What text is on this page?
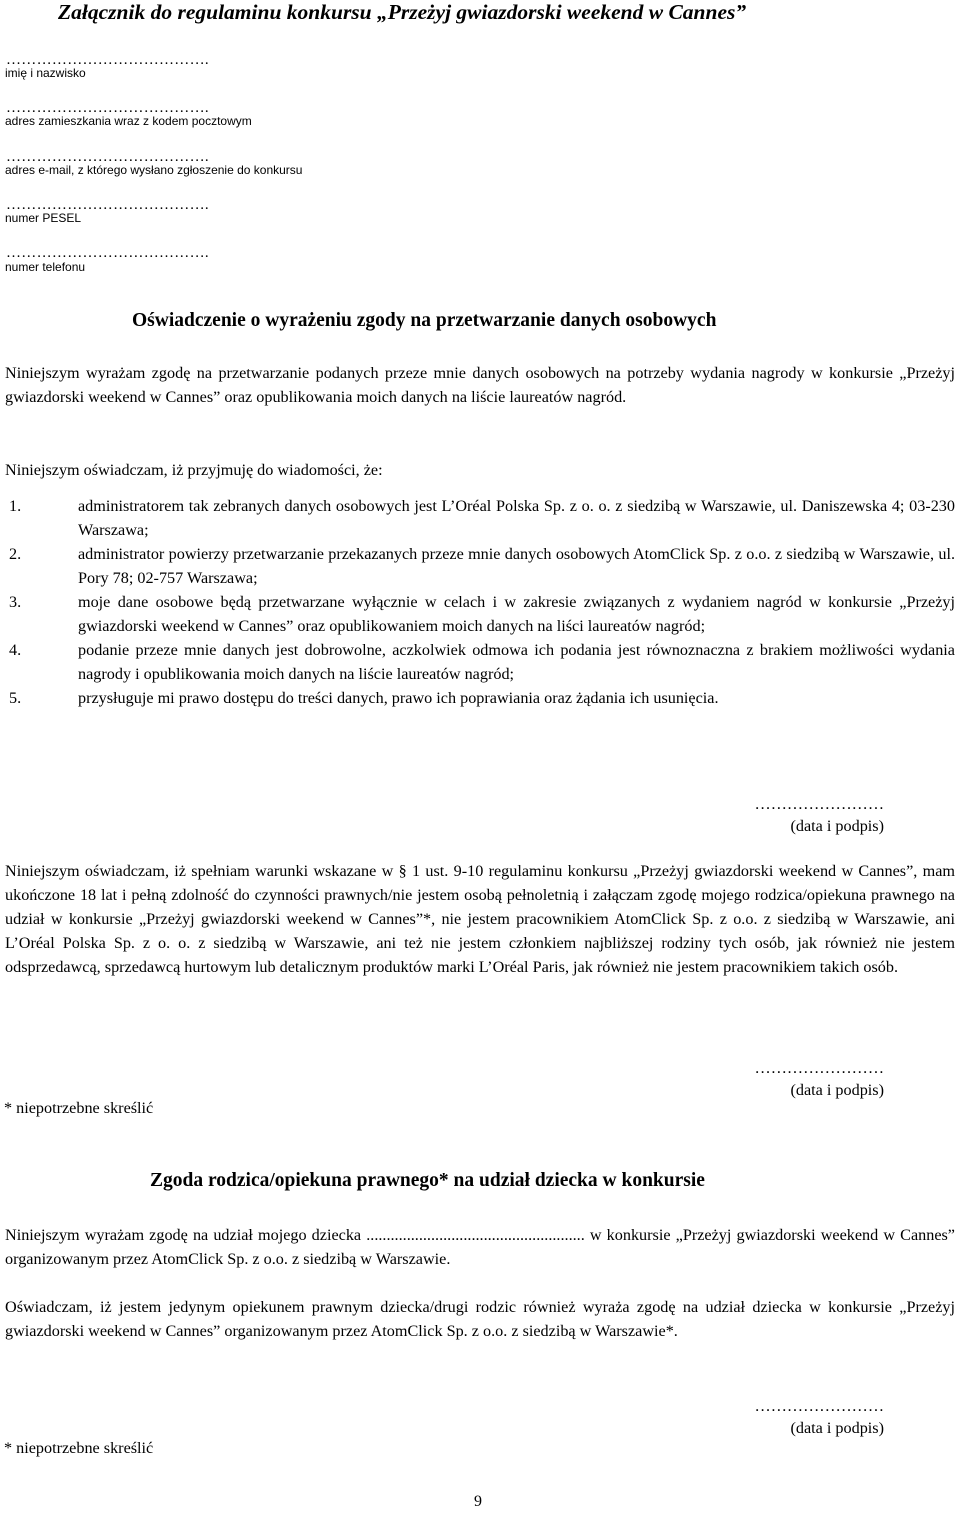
Załącznik do regulaminu konkursu „Przeżyj gwiazdorski weekend w Cannes”
………………………………….
imię i nazwisko
………………………………….
adres zamieszkania wraz z kodem pocztowym
………………………………….
adres e-mail, z którego wysłano zgłoszenie do konkursu
………………………………….
numer PESEL
………………………………….
numer telefonu
Oświadczenie o wyrażeniu zgody na przetwarzanie danych osobowych

Niniejszym wyrażam zgodę na przetwarzanie podanych przeze mnie danych osobowych na potrzeby wydania nagrody w konkursie „Przeżyj gwiazdorski weekend w Cannes” oraz opublikowania moich danych na liście laureatów nagród.

Niniejszym oświadczam, iż przyjmuję do wiadomości, że:
1.	administratorem tak zebranych danych osobowych jest L’Oréal Polska Sp. z o. o. z siedzibą w Warszawie, ul. Daniszewska 4; 03-230 Warszawa;
2.	administrator powierzy przetwarzanie przekazanych przeze mnie danych osobowych AtomClick Sp. z o.o. z siedzibą w Warszawie, ul. Pory 78; 02-757 Warszawa;
3.	moje dane osobowe będą przetwarzane wyłącznie w celach i w zakresie związanych z wydaniem nagród w konkursie „Przeżyj gwiazdorski weekend w Cannes” oraz opublikowaniem moich danych na liści laureatów nagród;
4.	podanie przeze mnie danych jest dobrowolne, aczkolwiek odmowa ich podania jest równoznaczna z brakiem możliwości wydania nagrody i opublikowania moich danych na liście laureatów nagród;
5.	przysługuje mi prawo dostępu do treści danych, prawo ich poprawiania oraz żądania ich usunięcia.
……………………
(data i podpis)

Niniejszym oświadczam, iż spełniam warunki wskazane w § 1 ust. 9-10 regulaminu konkursu „Przeżyj gwiazdorski weekend w Cannes”, mam ukończone 18 lat i pełną zdolność do czynności prawnych/nie jestem osobą pełnoletnią i załączam zgodę mojego rodzica/opiekuna prawnego na udział w konkursie „Przeżyj gwiazdorski weekend w Cannes”*, nie jestem pracownikiem AtomClick Sp. z o.o. z siedzibą w Warszawie, ani L’Oréal Polska Sp. z o. o. z siedzibą w Warszawie, ani też nie jestem członkiem najbliższej rodziny tych osób, jak również nie jestem odsprzedawcą, sprzedawcą hurtowym lub detalicznym produktów marki L’Oréal Paris, jak również nie jestem pracownikiem takich osób.

……………………
(data i podpis)
* niepotrzebne skreślić
Zgoda rodzica/opiekuna prawnego* na udział dziecka w konkursie

Niniejszym wyrażam zgodę na udział mojego dziecka ...................................................... w konkursie „Przeżyj gwiazdorski weekend w Cannes” organizowanym przez AtomClick Sp. z o.o. z siedzibą w Warszawie.

Oświadczam, iż jestem jedynym opiekunem prawnym dziecka/drugi rodzic również wyraża zgodę na udział dziecka w konkursie „Przeżyj gwiazdorski weekend w Cannes” organizowanym przez AtomClick Sp. z o.o. z siedzibą w Warszawie*.

……………………
(data i podpis)
* niepotrzebne skreślić
9
